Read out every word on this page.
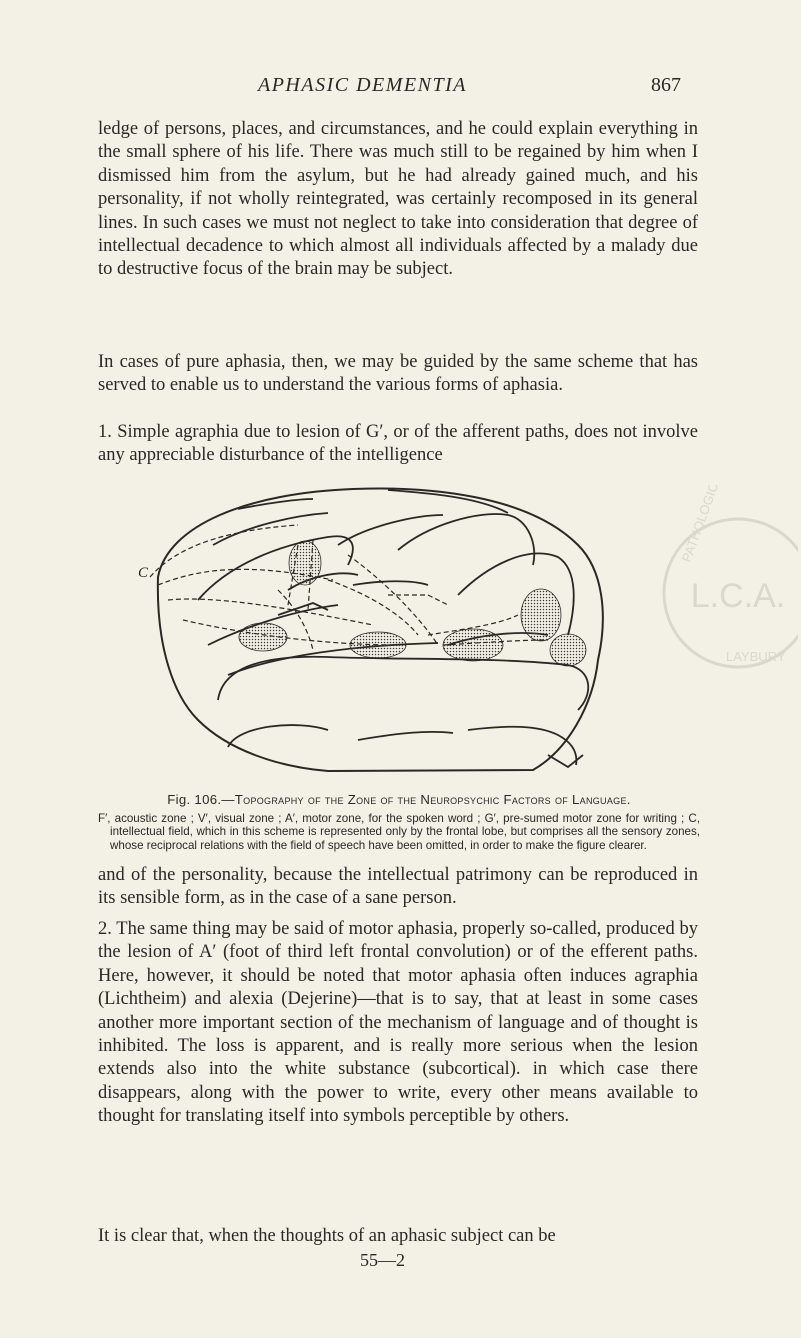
APHASIC DEMENTIA	867

ledge of persons, places, and circumstances, and he could explain everything in the small sphere of his life. There was much still to be regained by him when I dismissed him from the asylum, but he had already gained much, and his personality, if not wholly reintegrated, was certainly recomposed in its general lines. In such cases we must not neglect to take into consideration that degree of intellectual decadence to which almost all individuals affected by a malady due to destructive focus of the brain may be subject.

In cases of pure aphasia, then, we may be guided by the same scheme that has served to enable us to understand the various forms of aphasia.

1. Simple agraphia due to lesion of G′, or of the afferent paths, does not involve any appreciable disturbance of the intelligence

L.C.A.
PATHOLOGICAL
LAYBURY
C
Fig. 106.—Topography of the Zone of the Neuropsychic Factors of Language.
F′, acoustic zone ; V′, visual zone ; A′, motor zone, for the spoken word ; G′, pre-sumed motor zone for writing ; C, intellectual field, which in this scheme is represented only by the frontal lobe, but comprises all the sensory zones, whose reciprocal relations with the field of speech have been omitted, in order to make the figure clearer.

and of the personality, because the intellectual patrimony can be reproduced in its sensible form, as in the case of a sane person.

2. The same thing may be said of motor aphasia, properly so-called, produced by the lesion of A′ (foot of third left frontal convolution) or of the efferent paths. Here, however, it should be noted that motor aphasia often induces agraphia (Lichtheim) and alexia (Dejerine)—that is to say, that at least in some cases another more important section of the mechanism of language and of thought is inhibited. The loss is apparent, and is really more serious when the lesion extends also into the white substance (subcortical). in which case there disappears, along with the power to write, every other means available to thought for translating itself into symbols perceptible by others.

It is clear that, when the thoughts of an aphasic subject can be

55—2
